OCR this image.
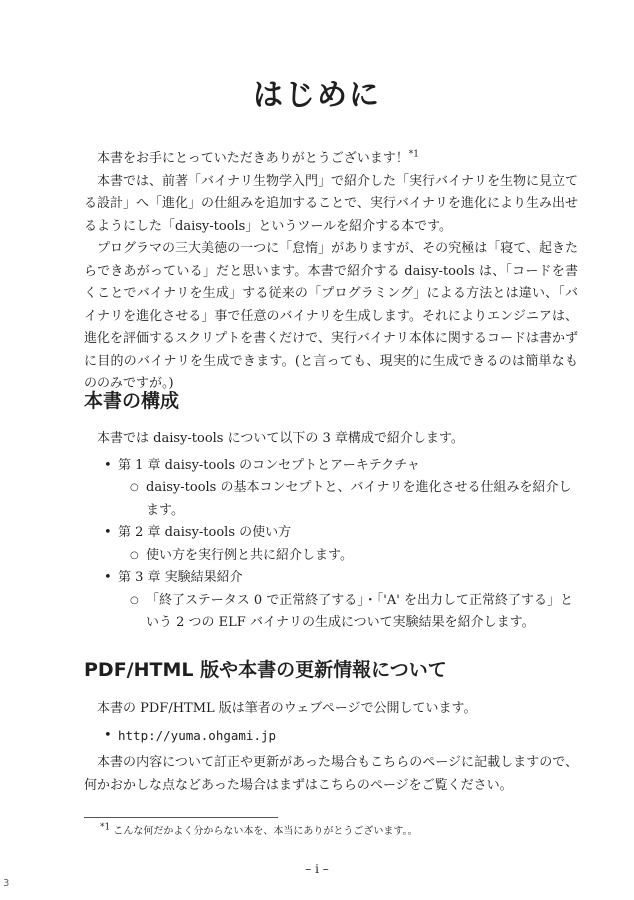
はじめに

本書をお手にとっていただきありがとうございます！$^{*1}$

本書では、前著「バイナリ生物学入門」で紹介した「実行バイナリを生物に見立てる設計」へ「進化」の仕組みを追加することで、実行バイナリを進化により生み出せるようにした「daisy-tools」というツールを紹介する本です。

プログラマの三大美徳の一つに「怠惰」がありますが、その究極は「寝て、起きたらできあがっている」だと思います。本書で紹介する daisy-tools は、「コードを書くことでバイナリを生成」する従来の「プログラミング」による方法とは違い、「バイナリを進化させる」事で任意のバイナリを生成します。それによりエンジニアは、進化を評価するスクリプトを書くだけで、実行バイナリ本体に関するコードは書かずに目的のバイナリを生成できます。(と言っても、現実的に生成できるのは簡単なもののみですが。)

本書の構成

本書では daisy-tools について以下の 3 章構成で紹介します。

• 第 1 章 daisy-tools のコンセプトとアーキテクチャ
○ daisy-tools の基本コンセプトと、バイナリを進化させる仕組みを紹介します。
• 第 2 章 daisy-tools の使い方
○ 使い方を実行例と共に紹介します。
• 第 3 章 実験結果紹介
○ 「終了ステータス 0 で正常終了する」・「'A' を出力して正常終了する」という 2 つの ELF バイナリの生成について実験結果を紹介します。
PDF/HTML 版や本書の更新情報について

本書の PDF/HTML 版は筆者のウェブページで公開しています。

• http://yuma.ohgami.jp

本書の内容について訂正や更新があった場合もこちらのページに記載しますので、何かおかしな点などあった場合はまずはこちらのページをご覧ください。

*1 こんな何だかよく分からない本を、本当にありがとうございます。。
– i –
3
